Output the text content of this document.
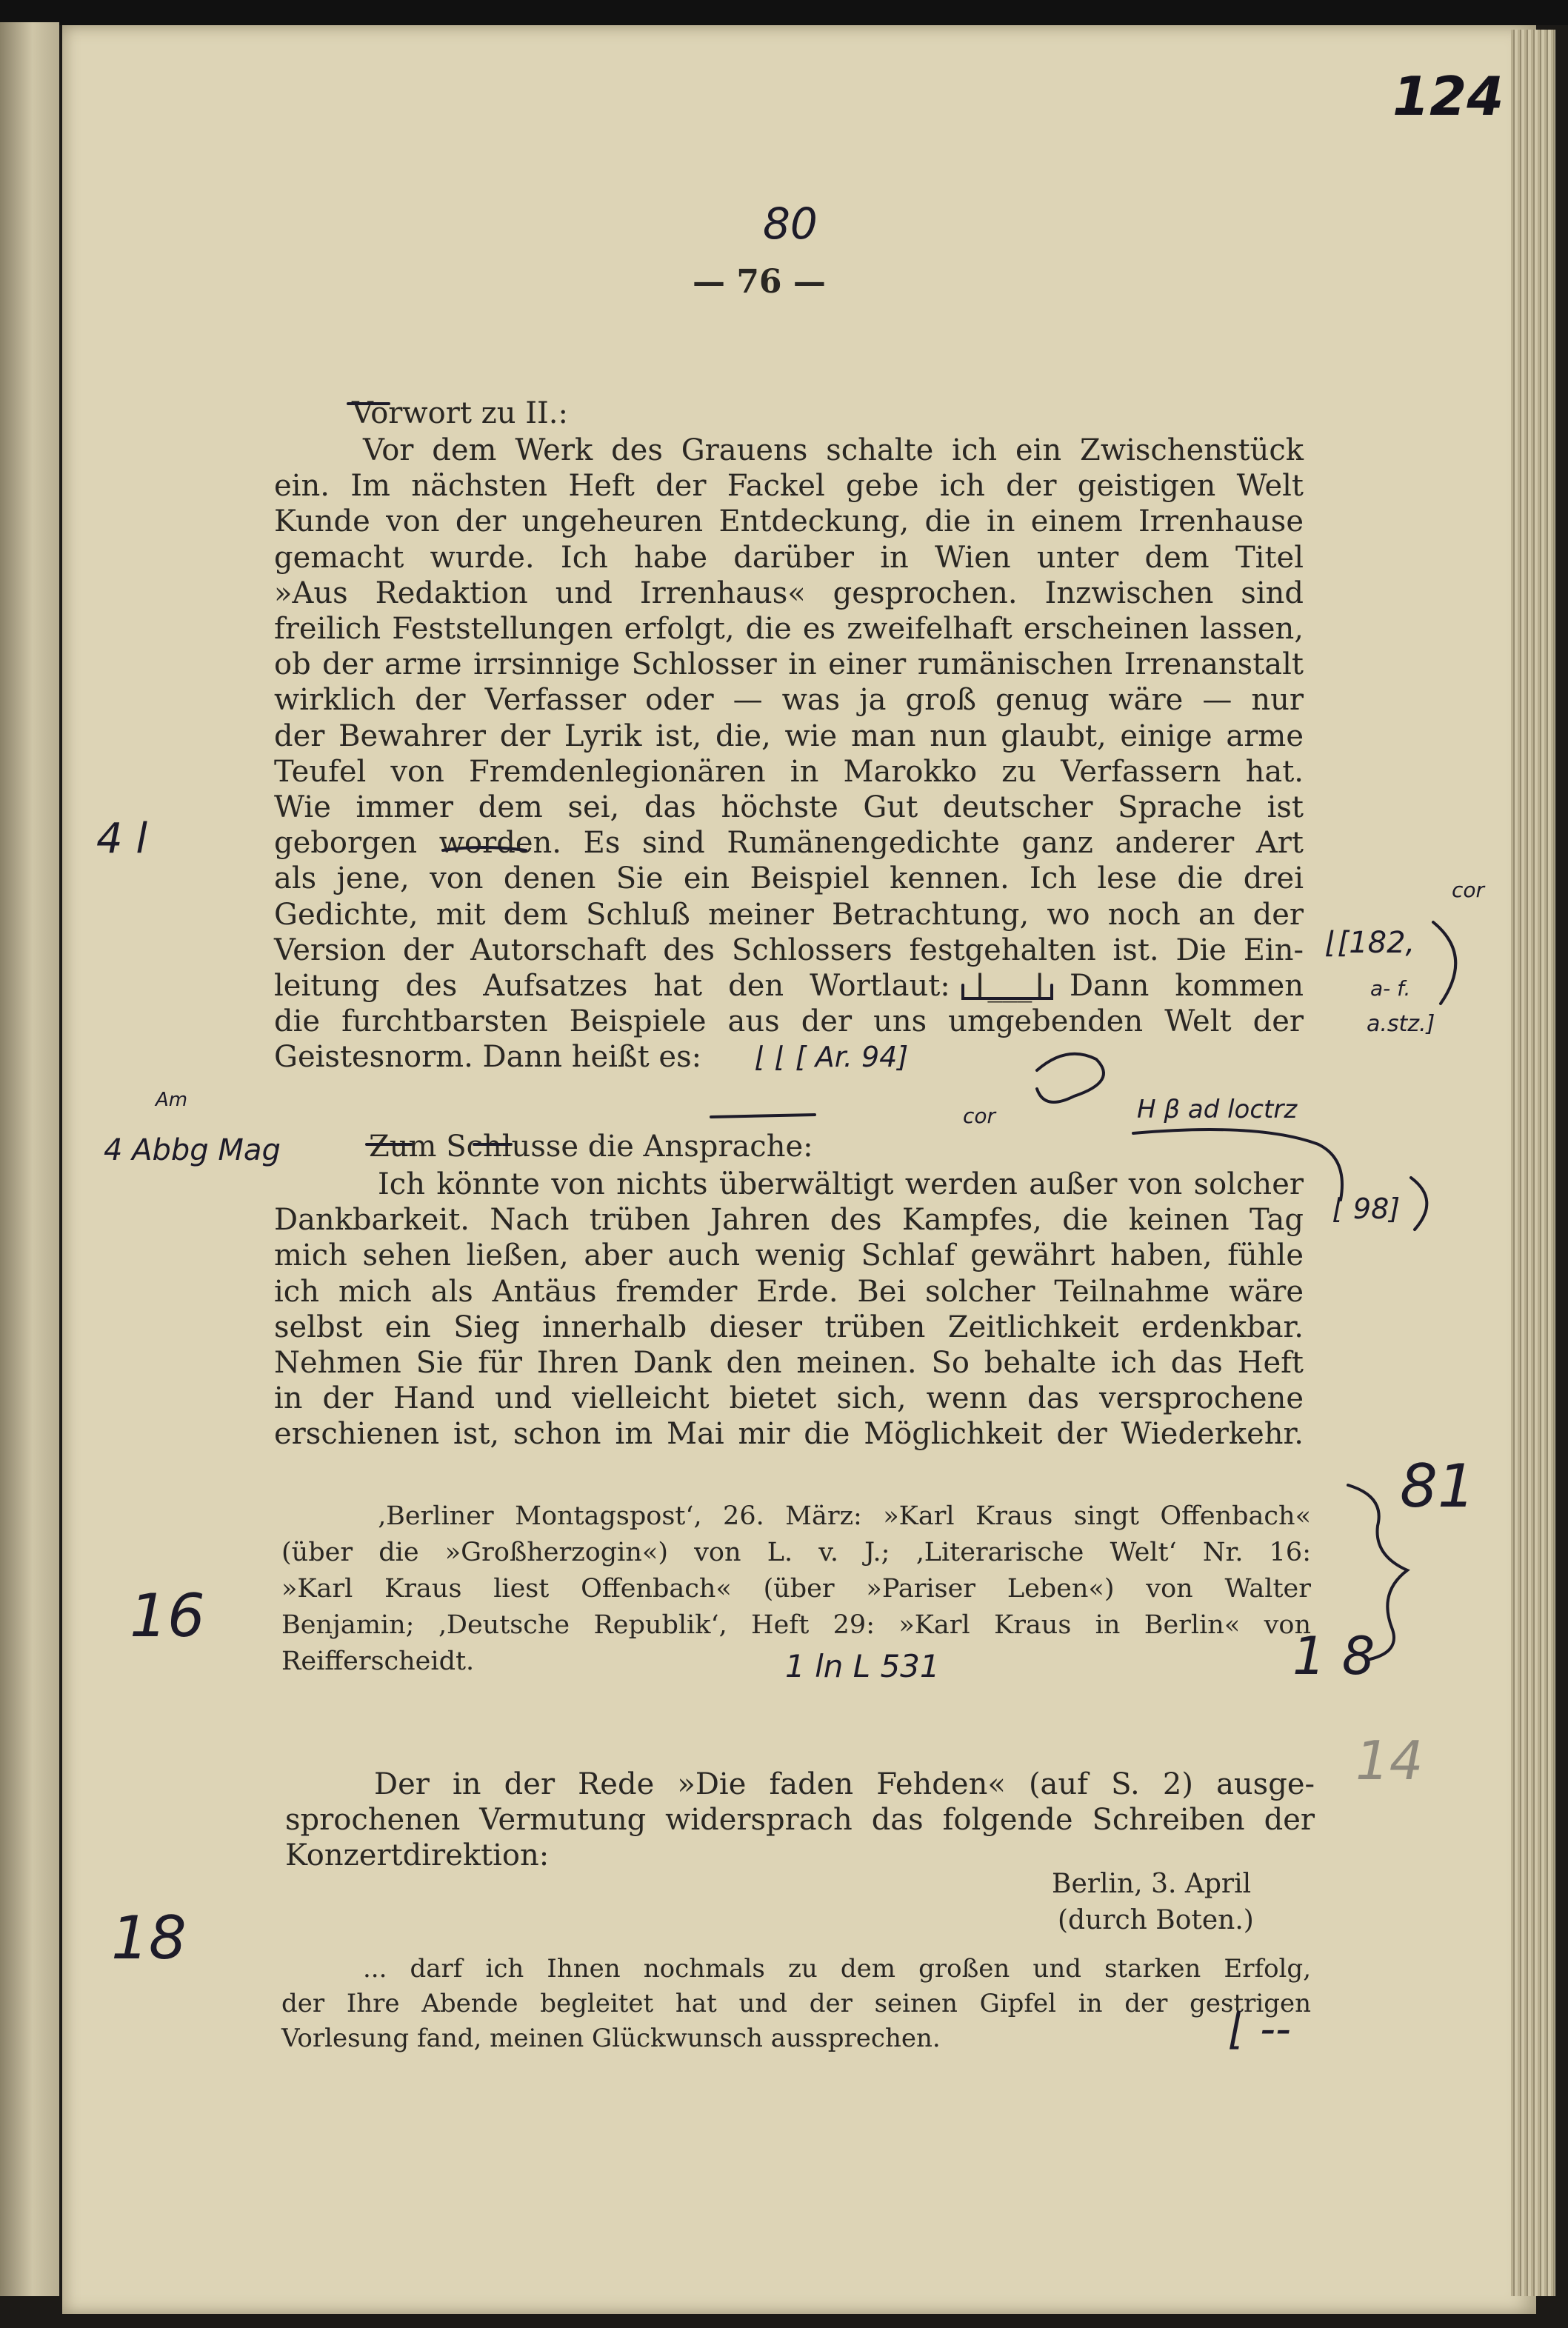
124
80
— 76 —
Vorwort zu II.:
Vor dem Werk des Grauens schalte ich ein Zwischenstück
ein. Im nächsten Heft der Fackel gebe ich der geistigen Welt
Kunde von der ungeheuren Entdeckung, die in einem Irrenhause
gemacht wurde. Ich habe darüber in Wien unter dem Titel
»Aus Redaktion und Irrenhaus« gesprochen. Inzwischen sind
freilich Feststellungen erfolgt, die es zweifelhaft erscheinen lassen,
ob der arme irrsinnige Schlosser in einer rumänischen Irrenanstalt
wirklich der Verfasser oder — was ja groß genug wäre — nur
der Bewahrer der Lyrik ist, die, wie man nun glaubt, einige arme
Teufel von Fremdenlegionären in Marokko zu Verfassern hat.
Wie immer dem sei, das höchste Gut deutscher Sprache ist
geborgen worden. Es sind Rumänengedichte ganz anderer Art
als jene, von denen Sie ein Beispiel kennen. Ich lese die drei
Gedichte, mit dem Schluß meiner Betrachtung, wo noch an der
Version der Autorschaft des Schlossers festgehalten ist. Die Ein-
leitung des Aufsatzes hat den Wortlaut: ⌊___⌋ Dann kommen
die furchtbarsten Beispiele aus der uns umgebenden Welt der
Geistesnorm. Dann heißt es:
Zum Schlusse die Ansprache:
Ich könnte von nichts überwältigt werden außer von solcher
Dankbarkeit. Nach trüben Jahren des Kampfes, die keinen Tag
mich sehen ließen, aber auch wenig Schlaf gewährt haben, fühle
ich mich als Antäus fremder Erde. Bei solcher Teilnahme wäre
selbst ein Sieg innerhalb dieser trüben Zeitlichkeit erdenkbar.
Nehmen Sie für Ihren Dank den meinen. So behalte ich das Heft
in der Hand und vielleicht bietet sich, wenn das versprochene
erschienen ist, schon im Mai mir die Möglichkeit der Wiederkehr.
‚Berliner Montagspost‘, 26. März: »Karl Kraus singt Offenbach«
(über die »Großherzogin«) von L. v. J.; ‚Literarische Welt‘ Nr. 16:
»Karl Kraus liest Offenbach« (über »Pariser Leben«) von Walter
Benjamin; ‚Deutsche Republik‘, Heft 29: »Karl Kraus in Berlin« von
Reifferscheidt.
Der in der Rede »Die faden Fehden« (auf S. 2) ausge-
sprochenen Vermutung widersprach das folgende Schreiben der
Konzertdirektion:
Berlin, 3. April
(durch Boten.)
... darf ich Ihnen nochmals zu dem großen und starken Erfolg,
der Ihre Abende begleitet hat und der seinen Gipfel in der gestrigen
Vorlesung fand, meinen Glückwunsch aussprechen.
4 l
⌊[182,
cor
a- f.
a.stz.]
⌊ ⌊ [ Ar. 94]
cor	H β ad loctrz
Am
4 Abbg Mag
⌊ 98]
81
16
1 8
1 ln L 531
14
18
⌊ --
